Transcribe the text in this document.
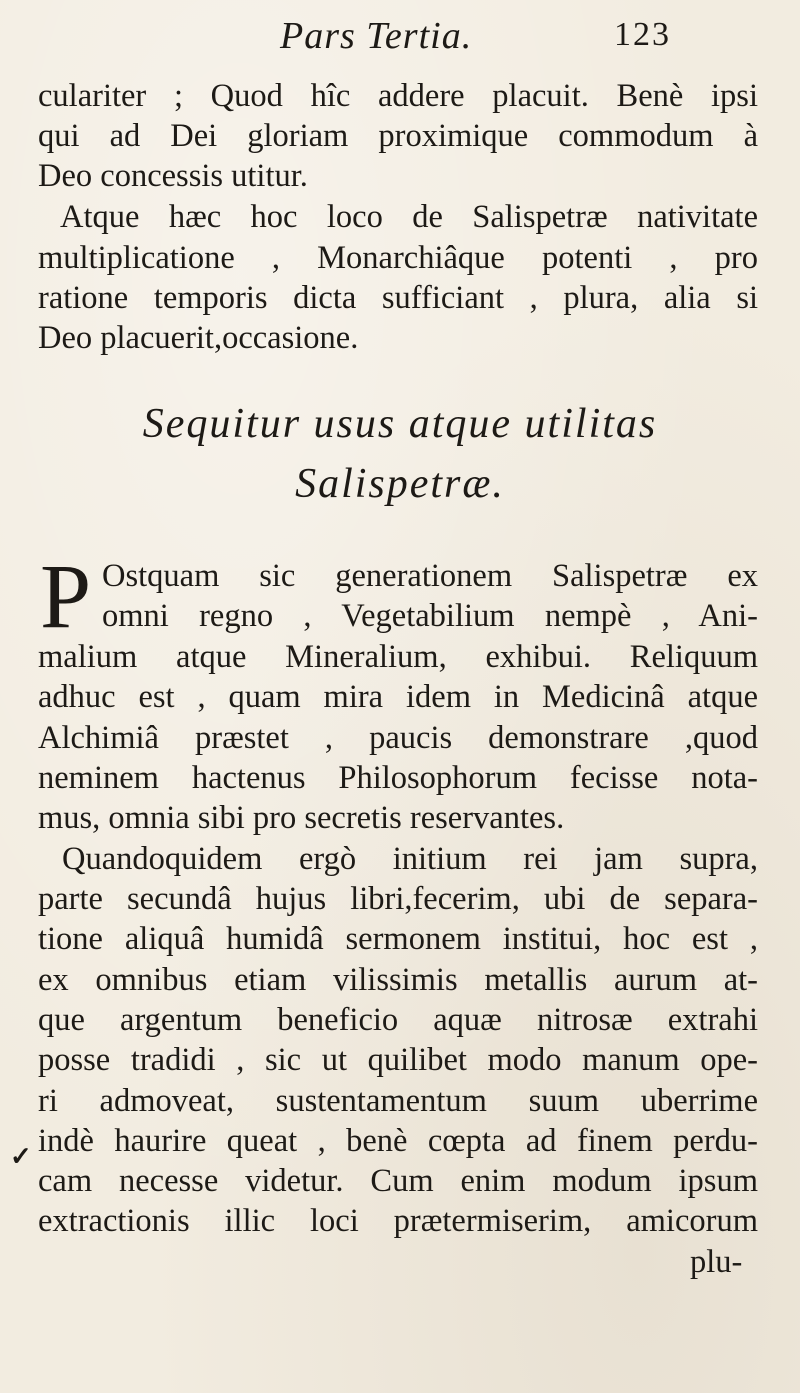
Pars Tertia.	123
culariter ; Quod hîc addere placuit. Benè ipsi
qui ad Dei gloriam proximique commodum à
Deo concessis utitur.
Atque hæc hoc loco de Salispetræ nativitate
multiplicatione , Monarchiâque potenti , pro
ratione temporis dicta sufficiant , plura, alia si
Deo placuerit,occasione.
Sequitur usus atque utilitas
Salispetræ.
P Ostquam sic generationem Salispetræ ex
omni regno , Vegetabilium nempè , Ani-
malium atque Mineralium, exhibui. Reliquum
adhuc est , quam mira idem in Medicinâ atque
Alchimiâ præstet , paucis demonstrare ,quod
neminem hactenus Philosophorum fecisse nota-
mus, omnia sibi pro secretis reservantes.
Quandoquidem ergò initium rei jam supra,
parte secundâ hujus libri,fecerim, ubi de separa-
tione aliquâ humidâ sermonem institui, hoc est ,
ex omnibus etiam vilissimis metallis aurum at-
que argentum beneficio aquæ nitrosæ extrahi
posse tradidi , sic ut quilibet modo manum ope-
ri admoveat, sustentamentum suum uberrime
indè haurire queat , benè cœpta ad finem perdu-
cam necesse videtur. Cum enim modum ipsum
extractionis illic loci prætermiserim, amicorum
✓
plu-
